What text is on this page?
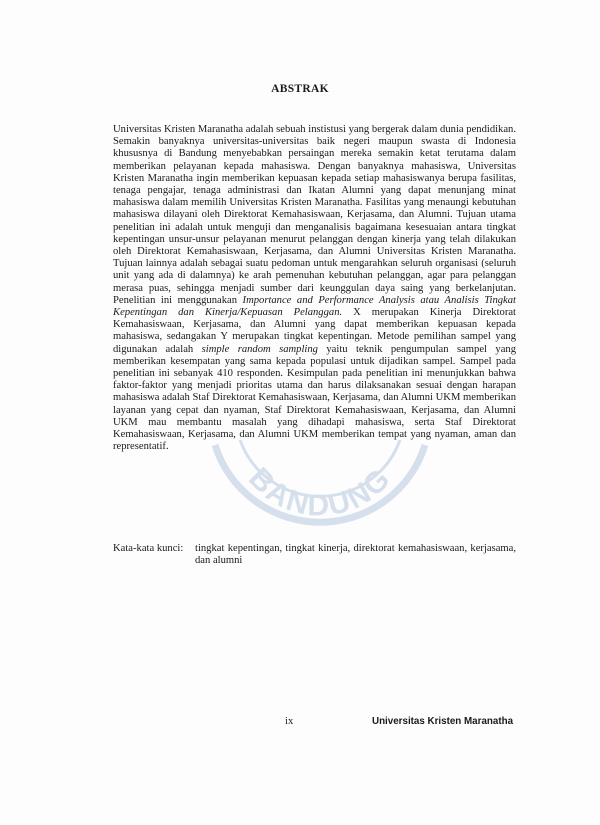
BANDUNG
ABSTRAK

Universitas Kristen Maranatha adalah sebuah instistusi yang bergerak dalam dunia pendidikan. Semakin banyaknya universitas-universitas baik negeri maupun swasta di Indonesia khususnya di Bandung menyebabkan persaingan mereka semakin ketat terutama dalam memberikan pelayanan kepada mahasiswa. Dengan banyaknya mahasiswa, Universitas Kristen Maranatha ingin memberikan kepuasan kepada setiap mahasiswanya berupa fasilitas, tenaga pengajar, tenaga administrasi dan Ikatan Alumni yang dapat menunjang minat mahasiswa dalam memilih Universitas Kristen Maranatha. Fasilitas yang menaungi kebutuhan mahasiswa dilayani oleh Direktorat Kemahasiswaan, Kerjasama, dan Alumni. Tujuan utama penelitian ini adalah untuk menguji dan menganalisis bagaimana kesesuaian antara tingkat kepentingan unsur-unsur pelayanan menurut pelanggan dengan kinerja yang telah dilakukan oleh Direktorat Kemahasiswaan, Kerjasama, dan Alumni Universitas Kristen Maranatha. Tujuan lainnya adalah sebagai suatu pedoman untuk mengarahkan seluruh organisasi (seluruh unit yang ada di dalamnya) ke arah pemenuhan kebutuhan pelanggan, agar para pelanggan merasa puas, sehingga menjadi sumber dari keunggulan daya saing yang berkelanjutan. Penelitian ini menggunakan Importance and Performance Analysis atau Analisis Tingkat Kepentingan dan Kinerja/Kepuasan Pelanggan. X merupakan Kinerja Direktorat Kemahasiswaan, Kerjasama, dan Alumni yang dapat memberikan kepuasan kepada mahasiswa, sedangakan Y merupakan tingkat kepentingan. Metode pemilihan sampel yang digunakan adalah simple random sampling yaitu teknik pengumpulan sampel yang memberikan kesempatan yang sama kepada populasi untuk dijadikan sampel. Sampel pada penelitian ini sebanyak 410 responden. Kesimpulan pada penelitian ini menunjukkan bahwa faktor-faktor yang menjadi prioritas utama dan harus dilaksanakan sesuai dengan harapan mahasiswa adalah Staf Direktorat Kemahasiswaan, Kerjasama, dan Alumni UKM memberikan layanan yang cepat dan nyaman, Staf Direktorat Kemahasiswaan, Kerjasama, dan Alumni UKM mau membantu masalah yang dihadapi mahasiswa, serta Staf Direktorat Kemahasiswaan, Kerjasama, dan Alumni UKM memberikan tempat yang nyaman, aman dan representatif.

Kata-kata kunci: tingkat kepentingan, tingkat kinerja, direktorat kemahasiswaan, kerjasama, dan alumni
ix	Universitas Kristen Maranatha
